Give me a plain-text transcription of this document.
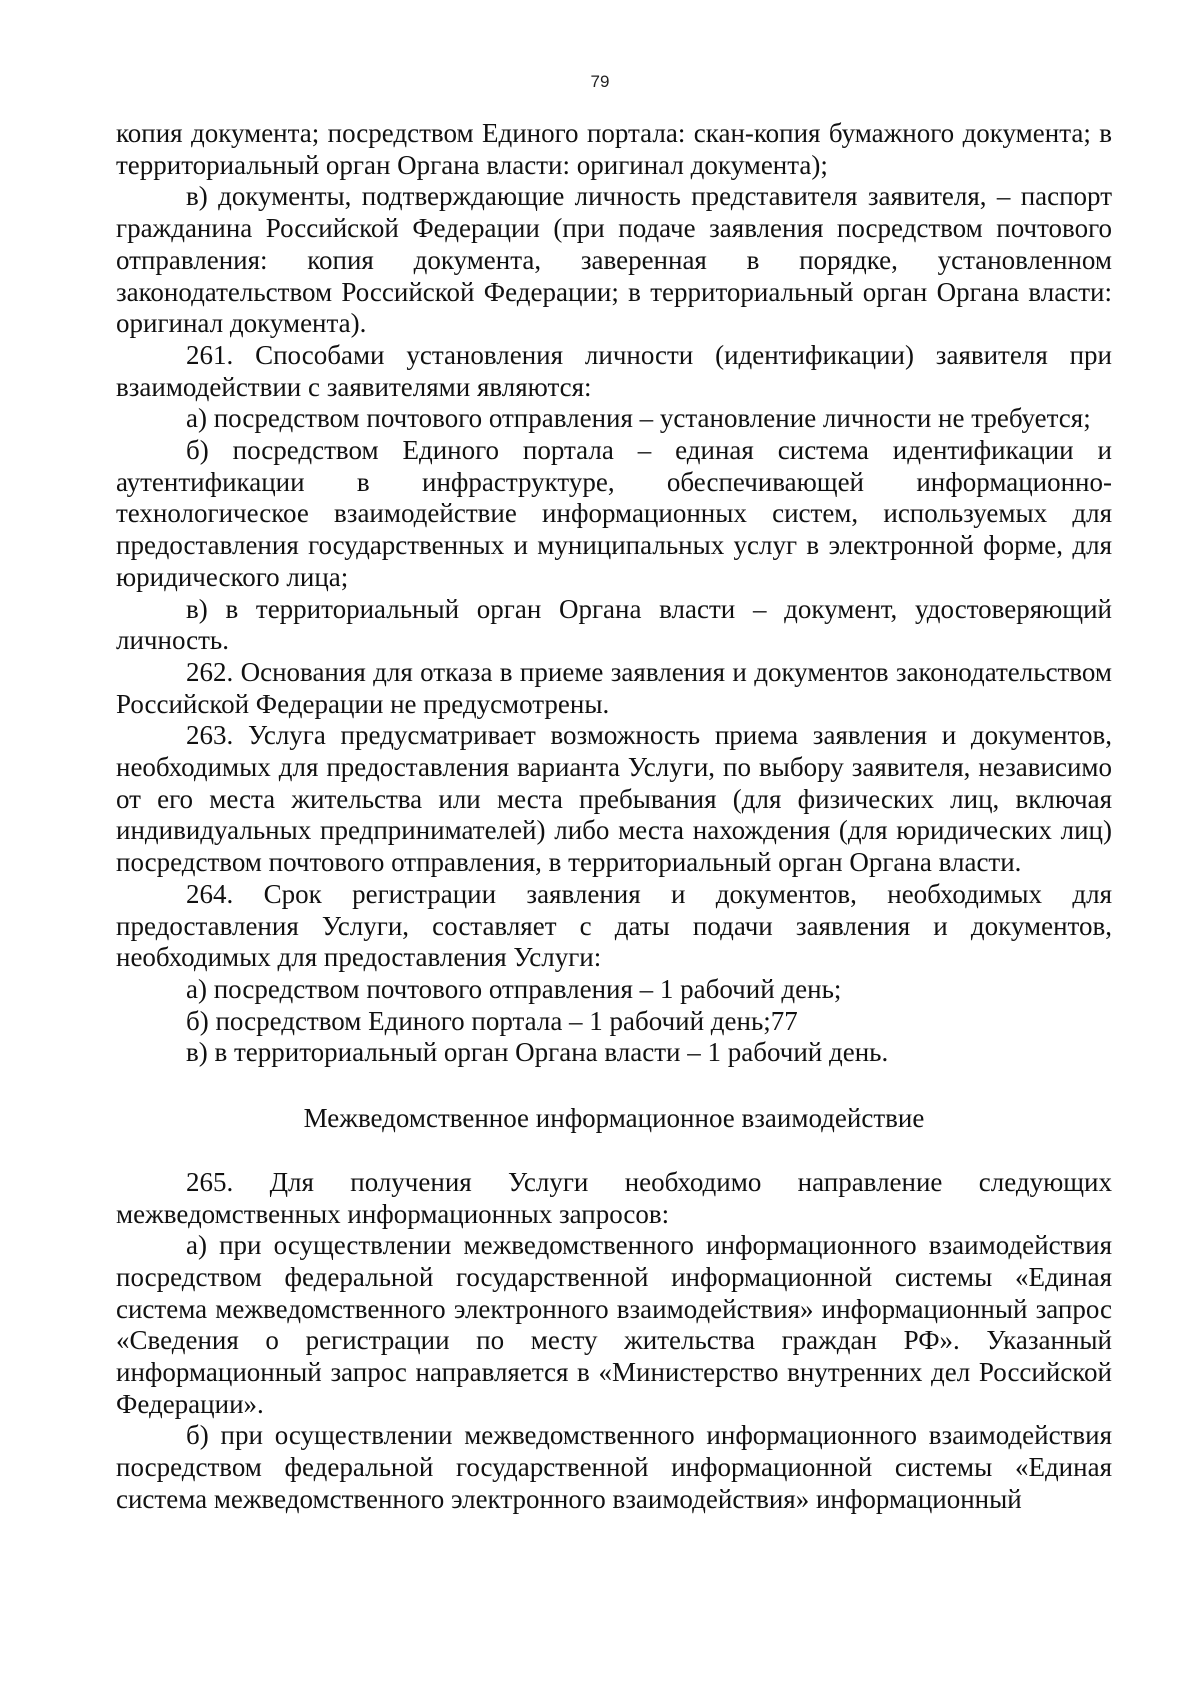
79

копия документа; посредством Единого портала: скан-копия бумажного документа; в территориальный орган Органа власти: оригинал документа);

в) документы, подтверждающие личность представителя заявителя, – паспорт гражданина Российской Федерации (при подаче заявления посредством почтового отправления: копия документа, заверенная в порядке, установленном законодательством Российской Федерации; в территориальный орган Органа власти: оригинал документа).

261. Способами установления личности (идентификации) заявителя при взаимодействии с заявителями являются:

а) посредством почтового отправления – установление личности не требуется;

б) посредством Единого портала – единая система идентификации и аутентификации в инфраструктуре, обеспечивающей информационно-технологическое взаимодействие информационных систем, используемых для предоставления государственных и муниципальных услуг в электронной форме, для юридического лица;

в) в территориальный орган Органа власти – документ, удостоверяющий личность.

262. Основания для отказа в приеме заявления и документов законодательством Российской Федерации не предусмотрены.

263. Услуга предусматривает возможность приема заявления и документов, необходимых для предоставления варианта Услуги, по выбору заявителя, независимо от его места жительства или места пребывания (для физических лиц, включая индивидуальных предпринимателей) либо места нахождения (для юридических лиц) посредством почтового отправления, в территориальный орган Органа власти.

264. Срок регистрации заявления и документов, необходимых для предоставления Услуги, составляет с даты подачи заявления и документов, необходимых для предоставления Услуги:

а) посредством почтового отправления – 1 рабочий день;

б) посредством Единого портала – 1 рабочий день;77

в) в территориальный орган Органа власти – 1 рабочий день.

Межведомственное информационное взаимодействие

265. Для получения Услуги необходимо направление следующих межведомственных информационных запросов:

а) при осуществлении межведомственного информационного взаимодействия посредством федеральной государственной информационной системы «Единая система межведомственного электронного взаимодействия» информационный запрос «Сведения о регистрации по месту жительства граждан РФ». Указанный информационный запрос направляется в «Министерство внутренних дел Российской Федерации».

б) при осуществлении межведомственного информационного взаимодействия посредством федеральной государственной информационной системы «Единая система межведомственного электронного взаимодействия» информационный
